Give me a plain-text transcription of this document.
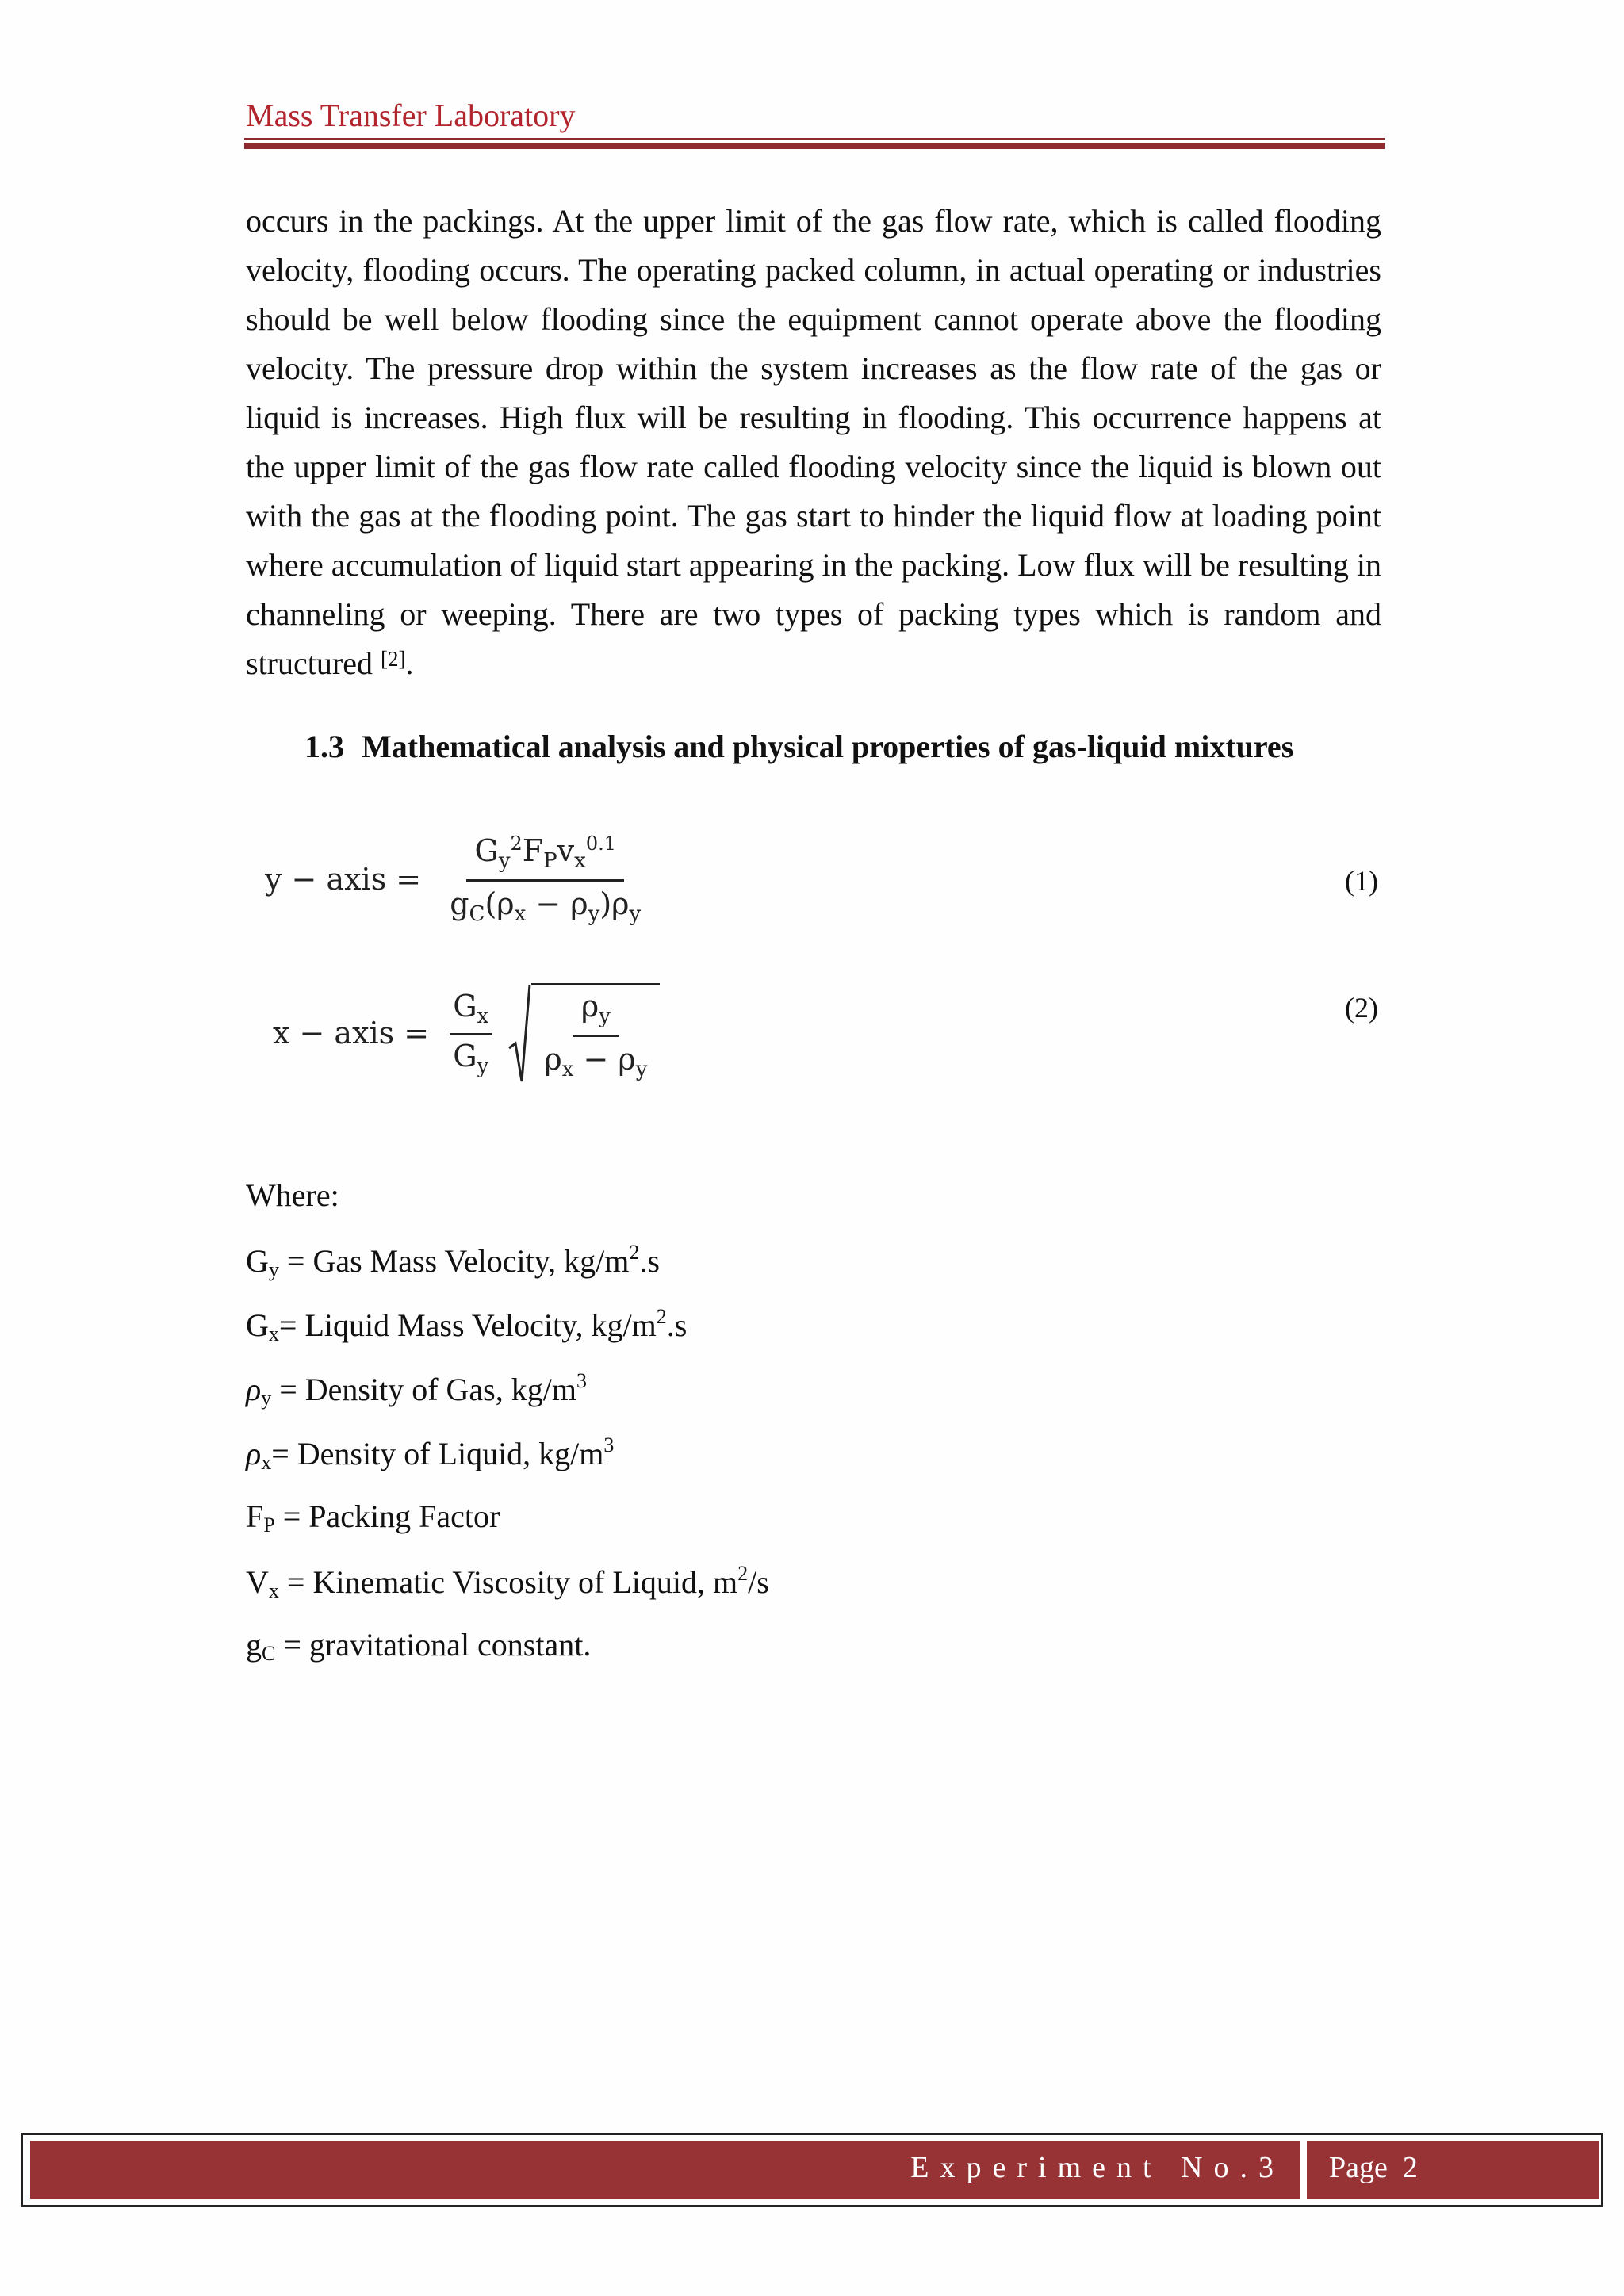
Mass Transfer Laboratory

occurs in the packings. At the upper limit of the gas flow rate, which is called flooding velocity, flooding occurs. The operating packed column, in actual operating or industries should be well below flooding since the equipment cannot operate above the flooding velocity. The pressure drop within the system increases as the flow rate of the gas or liquid is increases. High flux will be resulting in flooding. This occurrence happens at the upper limit of the gas flow rate called flooding velocity since the liquid is blown out with the gas at the flooding point. The gas start to hinder the liquid flow at loading point where accumulation of liquid start appearing in the packing. Low flux will be resulting in channeling or weeping. There are two types of packing types which is random and structured [2].

1.3 Mathematical analysis and physical properties of gas-liquid mixtures
y − axis = $\frac{G_y^2F_Pv_x^{0.1}}{g_C(\rho_x - \rho_y)\rho_y}$	(1)
x − axis = $\frac{G_x}{G_y}$
$\frac{\rho_y}{\rho_x - \rho_y}$	(2)
Where:
$G_y$ = Gas Mass Velocity, $kg/m^2.s$
$G_x=$ Liquid Mass Velocity, $kg/m^2.s$
$\rho_y$ = Density of Gas, $kg/m^3$
$\rho_x=$ Density of Liquid, $kg/m^3$
$F_P$ = Packing Factor
$V_x$ = Kinematic Viscosity of Liquid, $m^2/s$
$g_C$ = gravitational constant.
Experiment No.3 Page  2
